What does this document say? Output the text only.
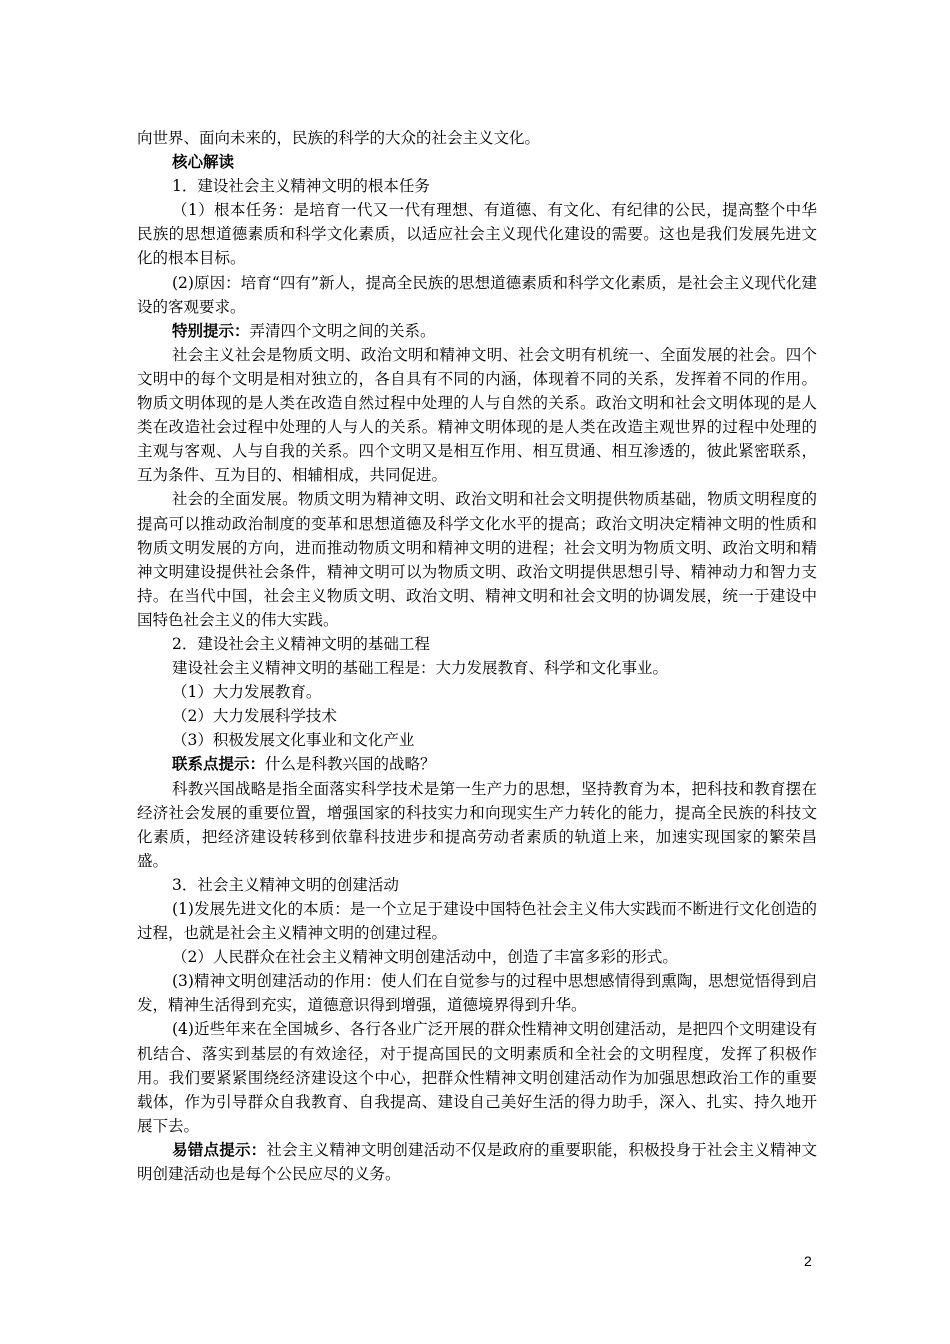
向世界、面向未来的，民族的科学的大众的社会主义文化。

核心解读

1．建设社会主义精神文明的根本任务

（1）根本任务：是培育一代又一代有理想、有道德、有文化、有纪律的公民，提高整个中华民族的思想道德素质和科学文化素质，以适应社会主义现代化建设的需要。这也是我们发展先进文化的根本目标。

(2)原因：培育“四有”新人，提高全民族的思想道德素质和科学文化素质，是社会主义现代化建设的客观要求。

特别提示：弄清四个文明之间的关系。

社会主义社会是物质文明、政治文明和精神文明、社会文明有机统一、全面发展的社会。四个文明中的每个文明是相对独立的，各自具有不同的内涵，体现着不同的关系，发挥着不同的作用。物质文明体现的是人类在改造自然过程中处理的人与自然的关系。政治文明和社会文明体现的是人类在改造社会过程中处理的人与人的关系。精神文明体现的是人类在改造主观世界的过程中处理的主观与客观、人与自我的关系。四个文明又是相互作用、相互贯通、相互渗透的，彼此紧密联系，互为条件、互为目的、相辅相成，共同促进。

社会的全面发展。物质文明为精神文明、政治文明和社会文明提供物质基础，物质文明程度的提高可以推动政治制度的变革和思想道德及科学文化水平的提高；政治文明决定精神文明的性质和物质文明发展的方向，进而推动物质文明和精神文明的进程；社会文明为物质文明、政治文明和精神文明建设提供社会条件，精神文明可以为物质文明、政治文明提供思想引导、精神动力和智力支持。在当代中国，社会主义物质文明、政治文明、精神文明和社会文明的协调发展，统一于建设中国特色社会主义的伟大实践。

2．建设社会主义精神文明的基础工程

建设社会主义精神文明的基础工程是：大力发展教育、科学和文化事业。

（1）大力发展教育。

（2）大力发展科学技术

（3）积极发展文化事业和文化产业

联系点提示：什么是科教兴国的战略？

科教兴国战略是指全面落实科学技术是第一生产力的思想，坚持教育为本，把科技和教育摆在经济社会发展的重要位置，增强国家的科技实力和向现实生产力转化的能力，提高全民族的科技文化素质，把经济建设转移到依靠科技进步和提高劳动者素质的轨道上来，加速实现国家的繁荣昌盛。

3．社会主义精神文明的创建活动

(1)发展先进文化的本质：是一个立足于建设中国特色社会主义伟大实践而不断进行文化创造的过程，也就是社会主义精神文明的创建过程。

（2）人民群众在社会主义精神文明创建活动中，创造了丰富多彩的形式。

(3)精神文明创建活动的作用：使人们在自觉参与的过程中思想感情得到熏陶，思想觉悟得到启发，精神生活得到充实，道德意识得到增强，道德境界得到升华。

(4)近些年来在全国城乡、各行各业广泛开展的群众性精神文明创建活动，是把四个文明建设有机结合、落实到基层的有效途径，对于提高国民的文明素质和全社会的文明程度，发挥了积极作用。我们要紧紧围绕经济建设这个中心，把群众性精神文明创建活动作为加强思想政治工作的重要载体，作为引导群众自我教育、自我提高、建设自己美好生活的得力助手，深入、扎实、持久地开展下去。

易错点提示：社会主义精神文明创建活动不仅是政府的重要职能，积极投身于社会主义精神文明创建活动也是每个公民应尽的义务。

2
